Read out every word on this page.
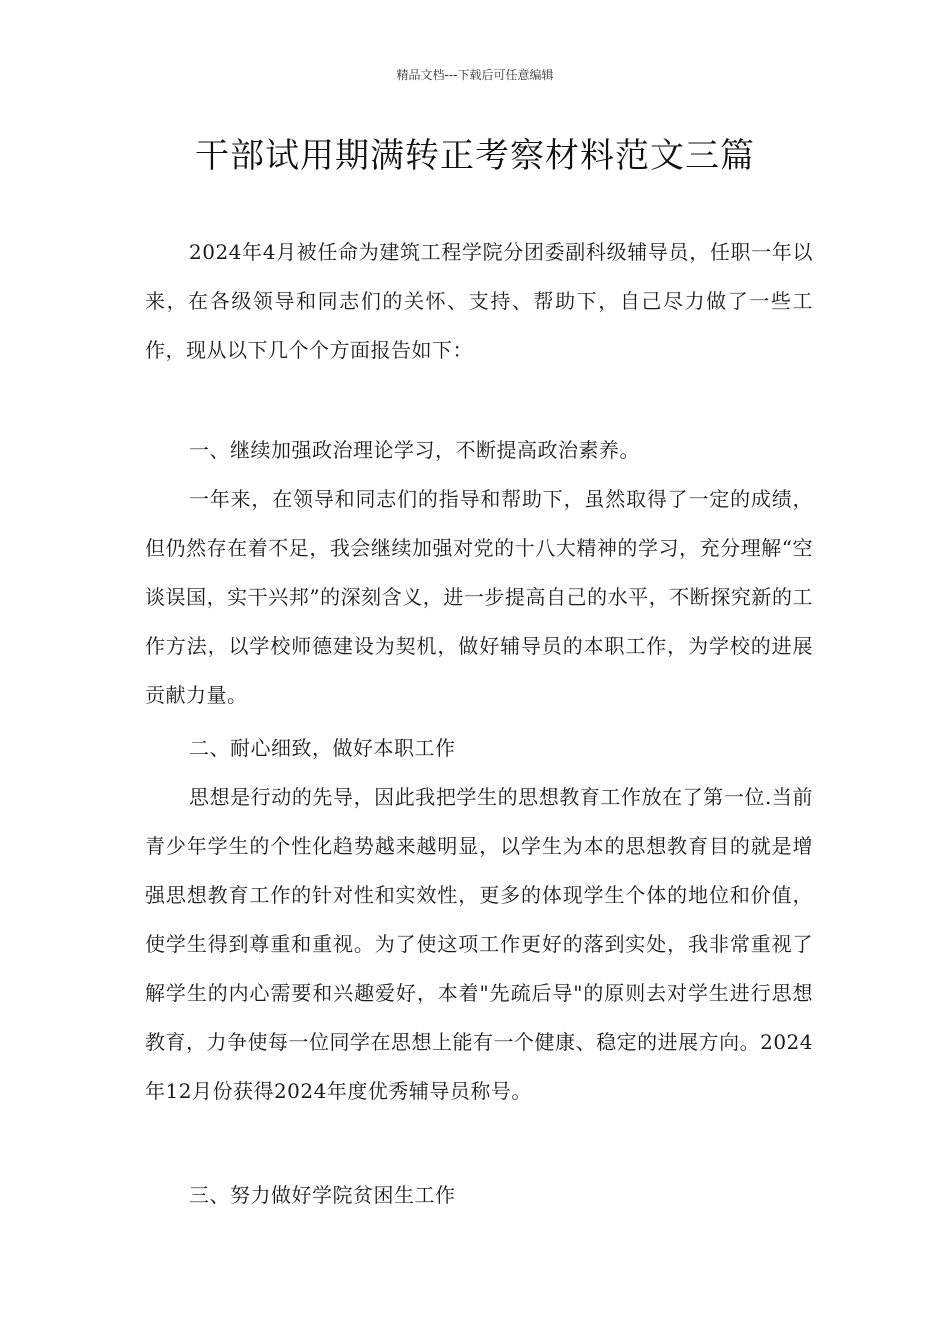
精品文档---下载后可任意编辑
干部试用期满转正考察材料范文三篇

2024年4月被任命为建筑工程学院分团委副科级辅导员，任职一年以来，在各级领导和同志们的关怀、支持、帮助下，自己尽力做了一些工作，现从以下几个个方面报告如下：

一、继续加强政治理论学习，不断提高政治素养。

一年来，在领导和同志们的指导和帮助下，虽然取得了一定的成绩，但仍然存在着不足，我会继续加强对党的十八大精神的学习，充分理解“空谈误国，实干兴邦”的深刻含义，进一步提高自己的水平，不断探究新的工作方法，以学校师德建设为契机，做好辅导员的本职工作，为学校的进展贡献力量。

二、耐心细致，做好本职工作

思想是行动的先导，因此我把学生的思想教育工作放在了第一位.当前青少年学生的个性化趋势越来越明显，以学生为本的思想教育目的就是增强思想教育工作的针对性和实效性，更多的体现学生个体的地位和价值，使学生得到尊重和重视。为了使这项工作更好的落到实处，我非常重视了解学生的内心需要和兴趣爱好，本着"先疏后导"的原则去对学生进行思想教育，力争使每一位同学在思想上能有一个健康、稳定的进展方向。2024年12月份获得2024年度优秀辅导员称号。

三、努力做好学院贫困生工作
